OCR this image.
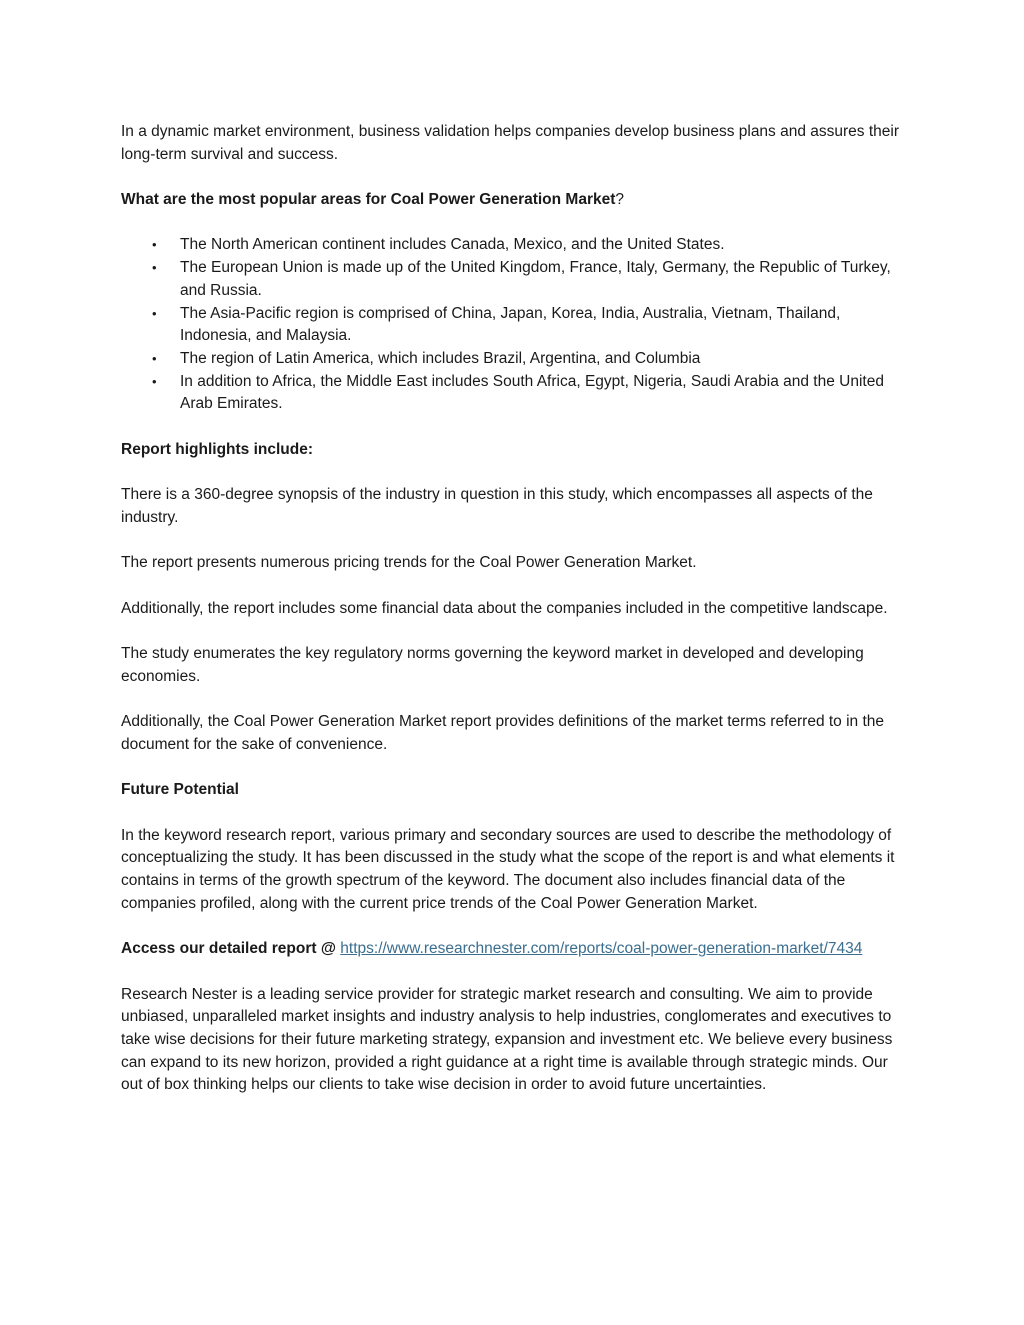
In a dynamic market environment, business validation helps companies develop business plans and assures their long-term survival and success.

What are the most popular areas for Coal Power Generation Market?

• The North American continent includes Canada, Mexico, and the United States.
• The European Union is made up of the United Kingdom, France, Italy, Germany, the Republic of Turkey, and Russia.
• The Asia-Pacific region is comprised of China, Japan, Korea, India, Australia, Vietnam, Thailand, Indonesia, and Malaysia.
• The region of Latin America, which includes Brazil, Argentina, and Columbia
• In addition to Africa, the Middle East includes South Africa, Egypt, Nigeria, Saudi Arabia and the United Arab Emirates.

Report highlights include:

There is a 360-degree synopsis of the industry in question in this study, which encompasses all aspects of the industry.

The report presents numerous pricing trends for the Coal Power Generation Market.

Additionally, the report includes some financial data about the companies included in the competitive landscape.

The study enumerates the key regulatory norms governing the keyword market in developed and developing economies.

Additionally, the Coal Power Generation Market report provides definitions of the market terms referred to in the document for the sake of convenience.

Future Potential

In the keyword research report, various primary and secondary sources are used to describe the methodology of conceptualizing the study. It has been discussed in the study what the scope of the report is and what elements it contains in terms of the growth spectrum of the keyword. The document also includes financial data of the companies profiled, along with the current price trends of the Coal Power Generation Market.

Access our detailed report @ https://www.researchnester.com/reports/coal-power-generation-market/7434

Research Nester is a leading service provider for strategic market research and consulting. We aim to provide unbiased, unparalleled market insights and industry analysis to help industries, conglomerates and executives to take wise decisions for their future marketing strategy, expansion and investment etc. We believe every business can expand to its new horizon, provided a right guidance at a right time is available through strategic minds. Our out of box thinking helps our clients to take wise decision in order to avoid future uncertainties.
